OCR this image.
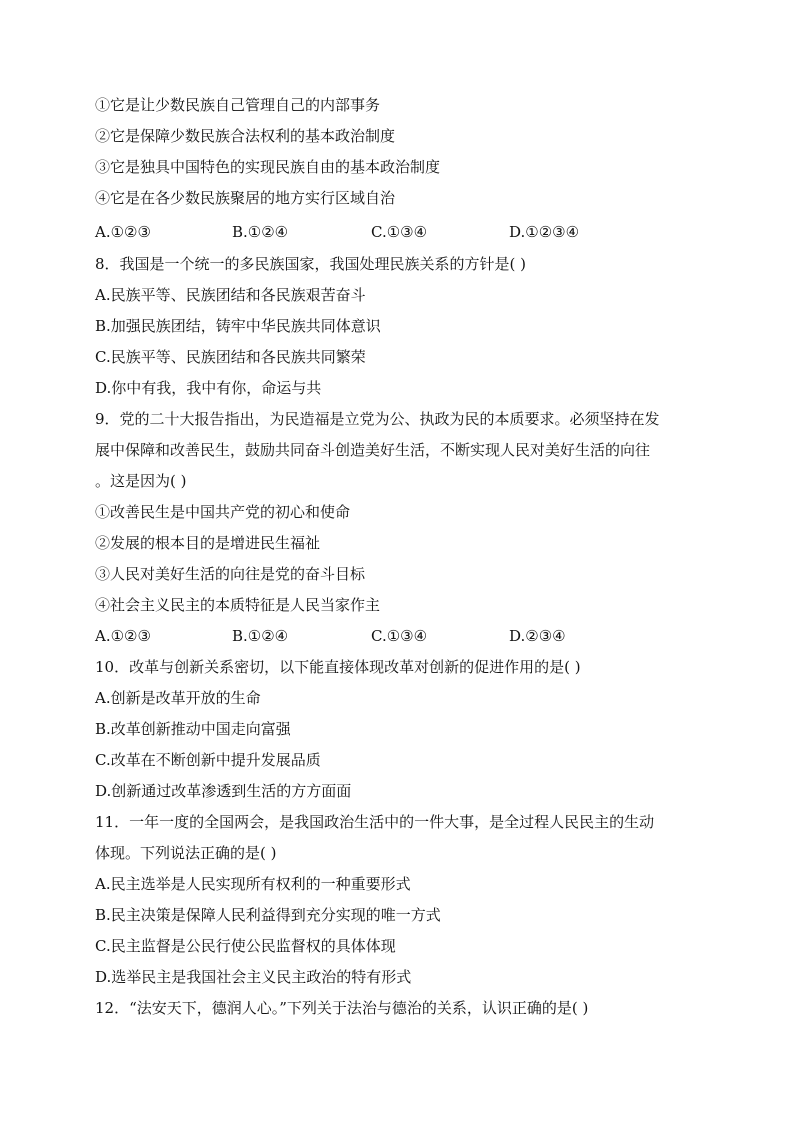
①它是让少数民族自己管理自己的内部事务
②它是保障少数民族合法权利的基本政治制度
③它是独具中国特色的实现民族自由的基本政治制度
④它是在各少数民族聚居的地方实行区域自治
A.①②③	B.①②④	C.①③④	D.①②③④
8．我国是一个统一的多民族国家，我国处理民族关系的方针是( )
A.民族平等、民族团结和各民族艰苦奋斗
B.加强民族团结，铸牢中华民族共同体意识
C.民族平等、民族团结和各民族共同繁荣
D.你中有我，我中有你，命运与共
9．党的二十大报告指出，为民造福是立党为公、执政为民的本质要求。必须坚持在发
展中保障和改善民生，鼓励共同奋斗创造美好生活，不断实现人民对美好生活的向往
。这是因为( )
①改善民生是中国共产党的初心和使命
②发展的根本目的是增进民生福祉
③人民对美好生活的向往是党的奋斗目标
④社会主义民主的本质特征是人民当家作主
A.①②③	B.①②④	C.①③④	D.②③④
10．改革与创新关系密切，以下能直接体现改革对创新的促进作用的是( )
A.创新是改革开放的生命
B.改革创新推动中国走向富强
C.改革在不断创新中提升发展品质
D.创新通过改革渗透到生活的方方面面
11．一年一度的全国两会，是我国政治生活中的一件大事，是全过程人民民主的生动
体现。下列说法正确的是( )
A.民主选举是人民实现所有权利的一种重要形式
B.民主决策是保障人民利益得到充分实现的唯一方式
C.民主监督是公民行使公民监督权的具体体现
D.选举民主是我国社会主义民主政治的特有形式
12．“法安天下，德润人心。”下列关于法治与德治的关系，认识正确的是( )
